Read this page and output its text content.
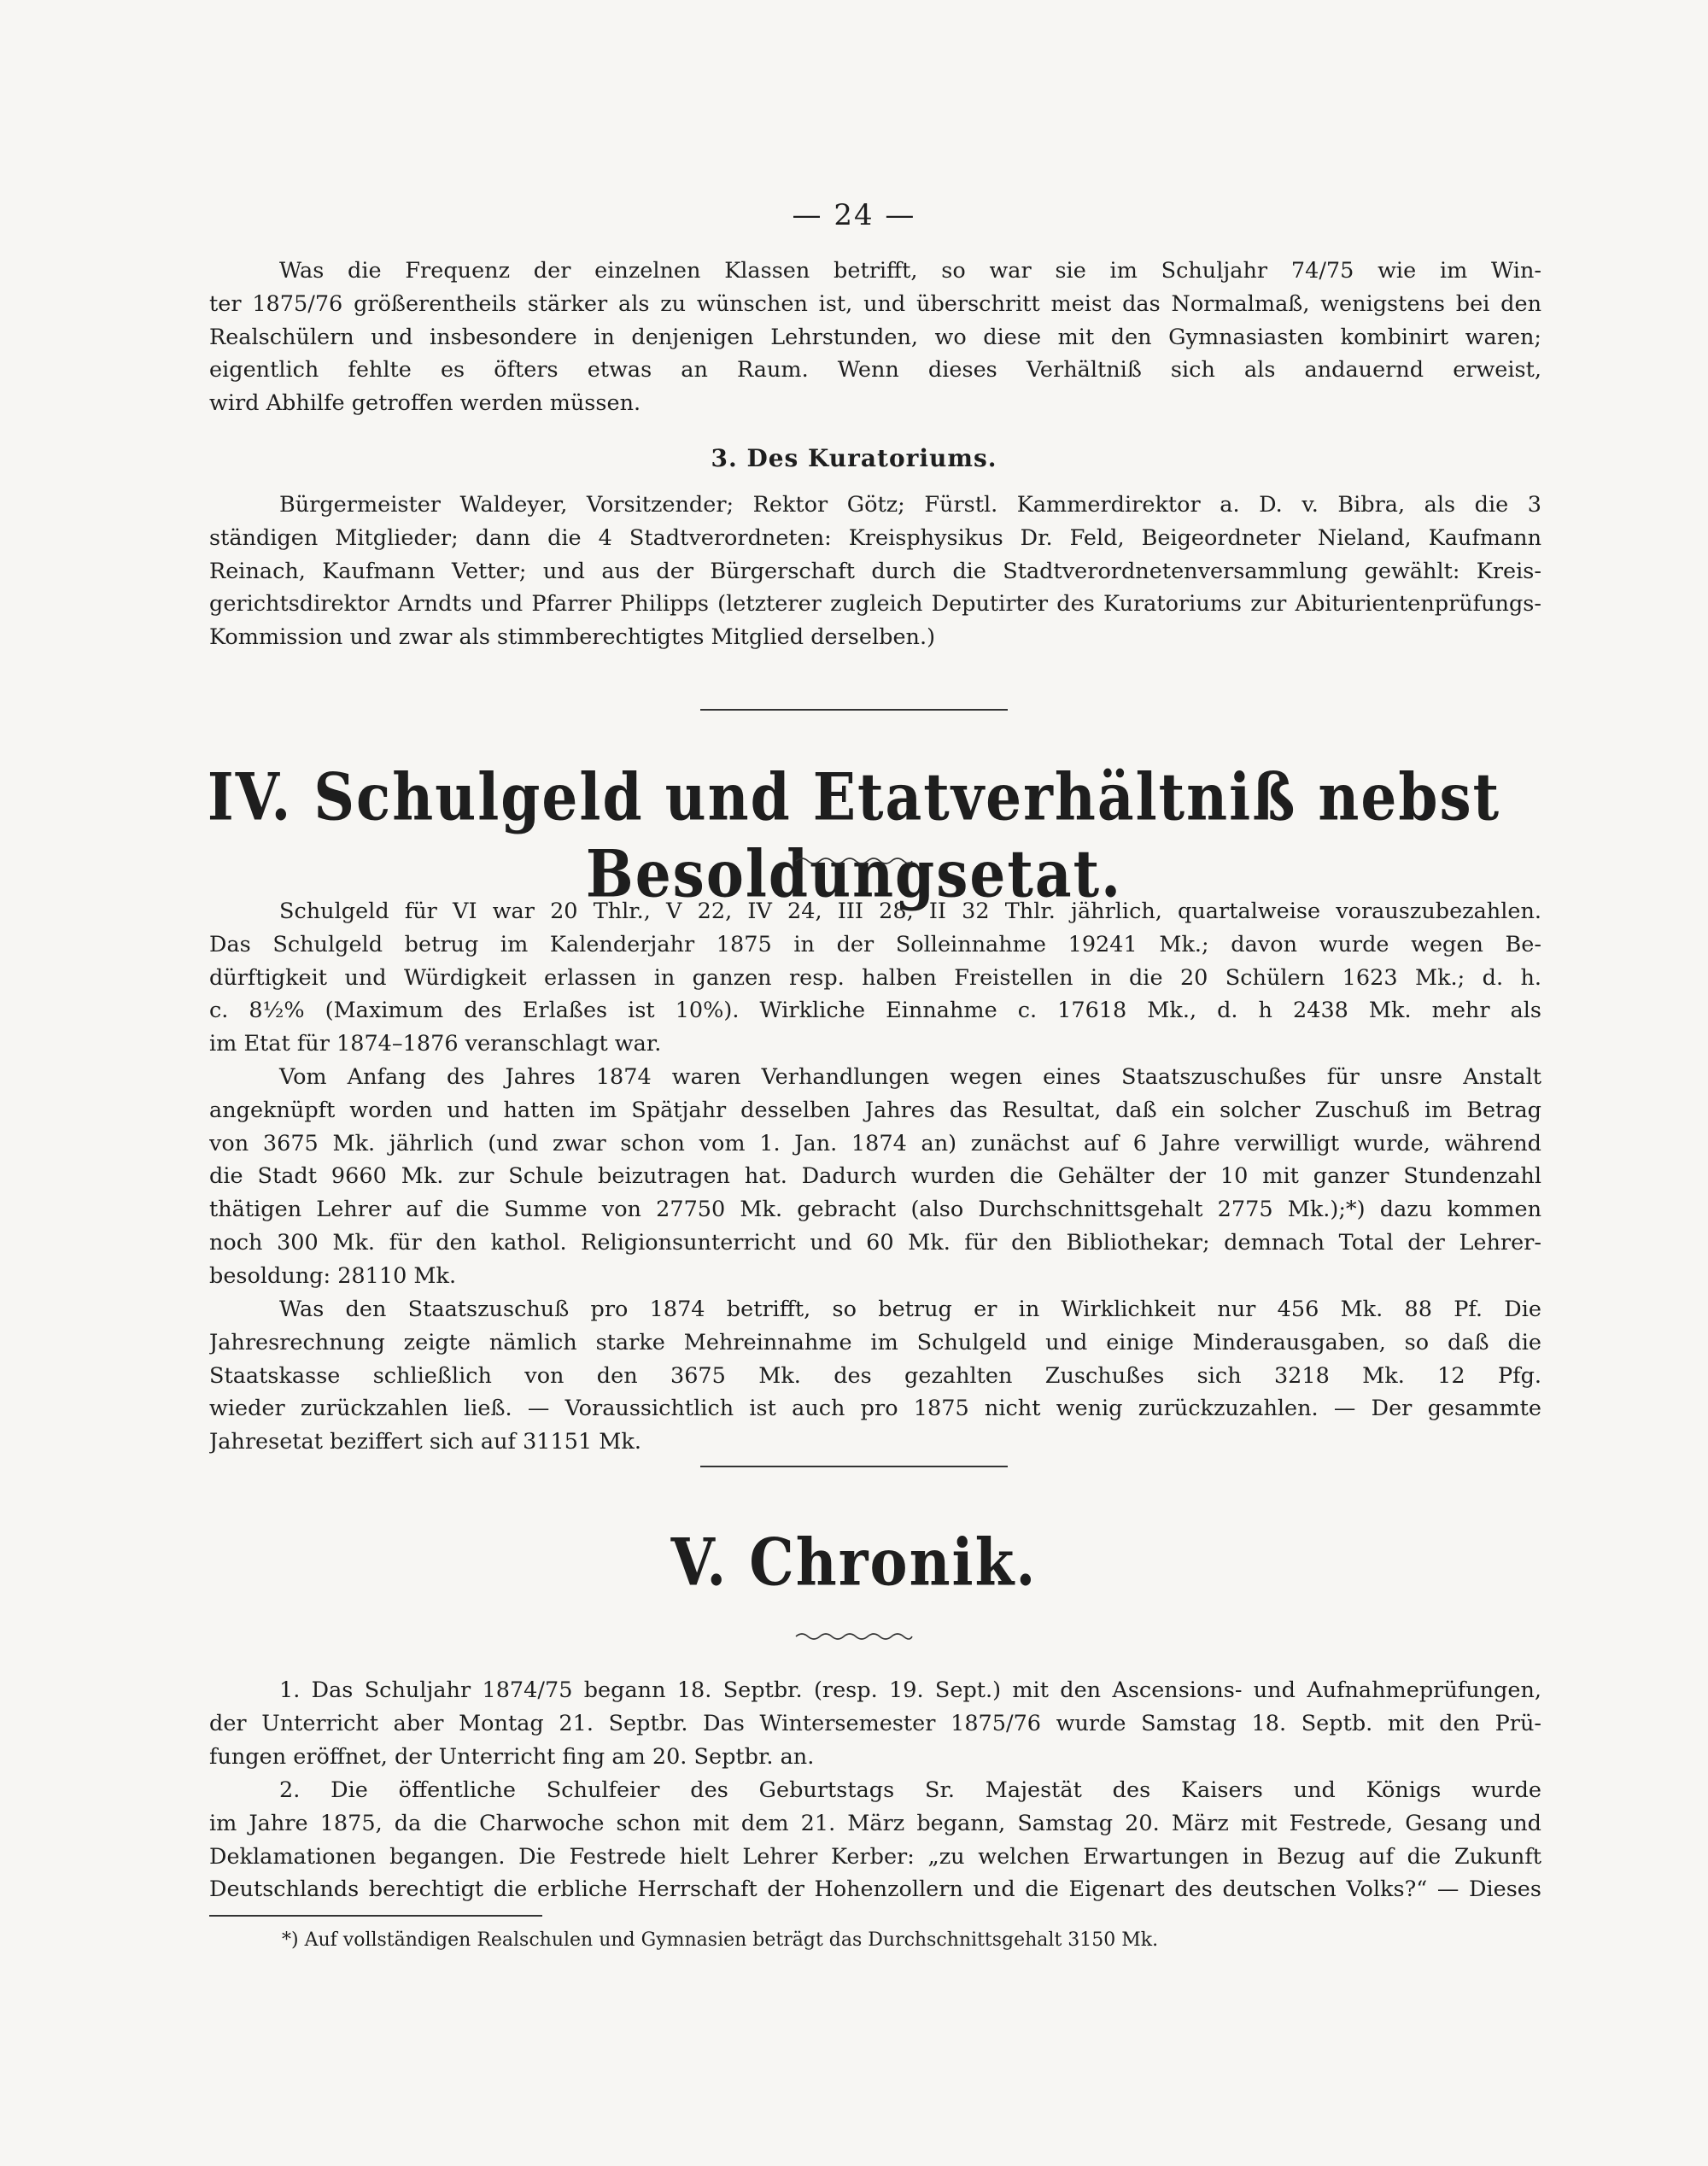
— 24 —
Was die Frequenz der einzelnen Klassen betrifft, so war sie im Schuljahr 74/75 wie im Win-
ter 1875/76 größerentheils stärker als zu wünschen ist, und überschritt meist das Normalmaß, wenigstens bei den
Realschülern und insbesondere in denjenigen Lehrstunden, wo diese mit den Gymnasiasten kombinirt waren;
eigentlich fehlte es öfters etwas an Raum. Wenn dieses Verhältniß sich als andauernd erweist,
wird Abhilfe getroffen werden müssen.
3. Des Kuratoriums.
Bürgermeister Waldeyer, Vorsitzender; Rektor Götz; Fürstl. Kammerdirektor a. D. v. Bibra, als die 3
ständigen Mitglieder; dann die 4 Stadtverordneten: Kreisphysikus Dr. Feld, Beigeordneter Nieland, Kaufmann
Reinach, Kaufmann Vetter; und aus der Bürgerschaft durch die Stadtverordnetenversammlung gewählt: Kreis-
gerichtsdirektor Arndts und Pfarrer Philipps (letzterer zugleich Deputirter des Kuratoriums zur Abiturientenprüfungs-
Kommission und zwar als stimmberechtigtes Mitglied derselben.)
IV. Schulgeld und Etatverhältniß nebst Besoldungsetat.
Schulgeld für VI war 20 Thlr., V 22, IV 24, III 28, II 32 Thlr. jährlich, quartalweise vorauszubezahlen.
Das Schulgeld betrug im Kalenderjahr 1875 in der Solleinnahme 19241 Mk.; davon wurde wegen Be-
dürftigkeit und Würdigkeit erlassen in ganzen resp. halben Freistellen in die 20 Schülern 1623 Mk.; d. h.
c. 8½% (Maximum des Erlaßes ist 10%). Wirkliche Einnahme c. 17618 Mk., d. h 2438 Mk. mehr als
im Etat für 1874–1876 veranschlagt war.
Vom Anfang des Jahres 1874 waren Verhandlungen wegen eines Staatszuschußes für unsre Anstalt
angeknüpft worden und hatten im Spätjahr desselben Jahres das Resultat, daß ein solcher Zuschuß im Betrag
von 3675 Mk. jährlich (und zwar schon vom 1. Jan. 1874 an) zunächst auf 6 Jahre verwilligt wurde, während
die Stadt 9660 Mk. zur Schule beizutragen hat. Dadurch wurden die Gehälter der 10 mit ganzer Stundenzahl
thätigen Lehrer auf die Summe von 27750 Mk. gebracht (also Durchschnittsgehalt 2775 Mk.);*) dazu kommen
noch 300 Mk. für den kathol. Religionsunterricht und 60 Mk. für den Bibliothekar; demnach Total der Lehrer-
besoldung: 28110 Mk.
Was den Staatszuschuß pro 1874 betrifft, so betrug er in Wirklichkeit nur 456 Mk. 88 Pf. Die
Jahresrechnung zeigte nämlich starke Mehreinnahme im Schulgeld und einige Minderausgaben, so daß die
Staatskasse schließlich von den 3675 Mk. des gezahlten Zuschußes sich 3218 Mk. 12 Pfg.
wieder zurückzahlen ließ. — Voraussichtlich ist auch pro 1875 nicht wenig zurückzuzahlen. — Der gesammte
Jahresetat beziffert sich auf 31151 Mk.
V. Chronik.
1. Das Schuljahr 1874/75 begann 18. Septbr. (resp. 19. Sept.) mit den Ascensions- und Aufnahmeprüfungen,
der Unterricht aber Montag 21. Septbr. Das Wintersemester 1875/76 wurde Samstag 18. Septb. mit den Prü-
fungen eröffnet, der Unterricht fing am 20. Septbr. an.
2. Die öffentliche Schulfeier des Geburtstags Sr. Majestät des Kaisers und Königs wurde
im Jahre 1875, da die Charwoche schon mit dem 21. März begann, Samstag 20. März mit Festrede, Gesang und
Deklamationen begangen. Die Festrede hielt Lehrer Kerber: „zu welchen Erwartungen in Bezug auf die Zukunft
Deutschlands berechtigt die erbliche Herrschaft der Hohenzollern und die Eigenart des deutschen Volks?“ — Dieses
*) Auf vollständigen Realschulen und Gymnasien beträgt das Durchschnittsgehalt 3150 Mk.
